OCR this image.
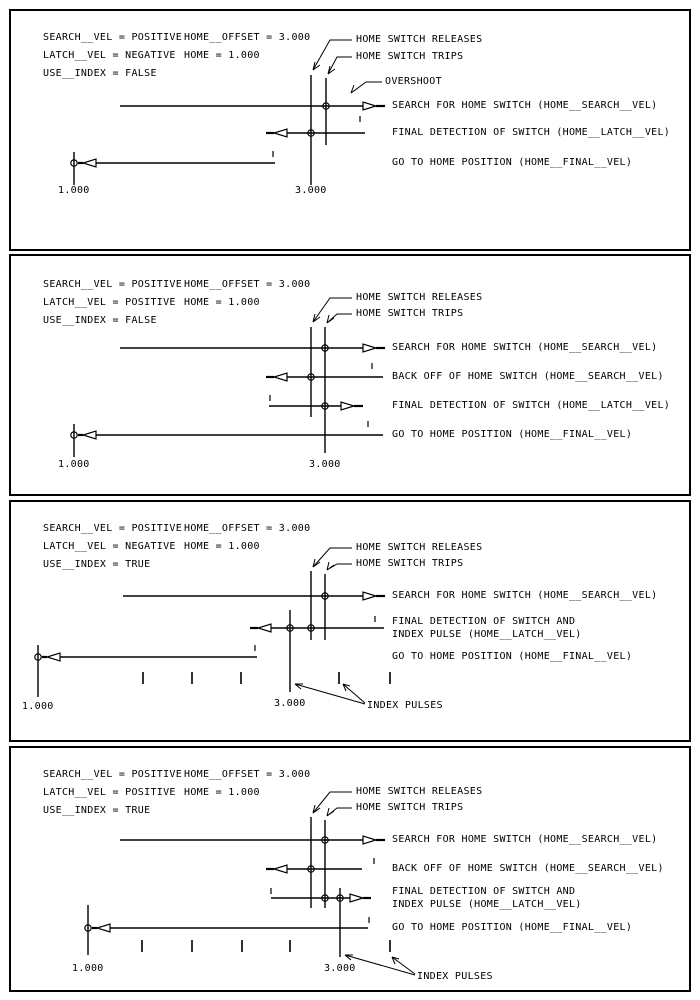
SEARCH__VEL = POSITIVE HOME__OFFSET = 3.000
LATCH__VEL = NEGATIVE HOME = 1.000
USE__INDEX = FALSE
HOME SWITCH RELEASES
HOME SWITCH TRIPS
OVERSHOOT
SEARCH FOR HOME SWITCH (HOME__SEARCH__VEL)
FINAL DETECTION OF SWITCH (HOME__LATCH__VEL)
GO TO HOME POSITION (HOME__FINAL__VEL)
1.000	3.000
SEARCH__VEL = POSITIVE HOME__OFFSET = 3.000
LATCH__VEL = POSITIVE HOME = 1.000
USE__INDEX = FALSE
HOME SWITCH RELEASES
HOME SWITCH TRIPS
SEARCH FOR HOME SWITCH (HOME__SEARCH__VEL)
BACK OFF OF HOME SWITCH (HOME__SEARCH__VEL)
FINAL DETECTION OF SWITCH (HOME__LATCH__VEL)
GO TO HOME POSITION (HOME__FINAL__VEL)
1.000	3.000
SEARCH__VEL = POSITIVE HOME__OFFSET = 3.000
LATCH__VEL = NEGATIVE HOME = 1.000
USE__INDEX = TRUE
HOME SWITCH RELEASES
HOME SWITCH TRIPS
SEARCH FOR HOME SWITCH (HOME__SEARCH__VEL)
FINAL DETECTION OF SWITCH AND
INDEX PULSE (HOME__LATCH__VEL)
GO TO HOME POSITION (HOME__FINAL__VEL)
1.000	3.000	INDEX PULSES
SEARCH__VEL = POSITIVE HOME__OFFSET = 3.000
LATCH__VEL = POSITIVE HOME = 1.000
USE__INDEX = TRUE
HOME SWITCH RELEASES
HOME SWITCH TRIPS
SEARCH FOR HOME SWITCH (HOME__SEARCH__VEL)
BACK OFF OF HOME SWITCH (HOME__SEARCH__VEL)
FINAL DETECTION OF SWITCH AND
INDEX PULSE (HOME__LATCH__VEL)
GO TO HOME POSITION (HOME__FINAL__VEL)
1.000	3.000
INDEX PULSES
